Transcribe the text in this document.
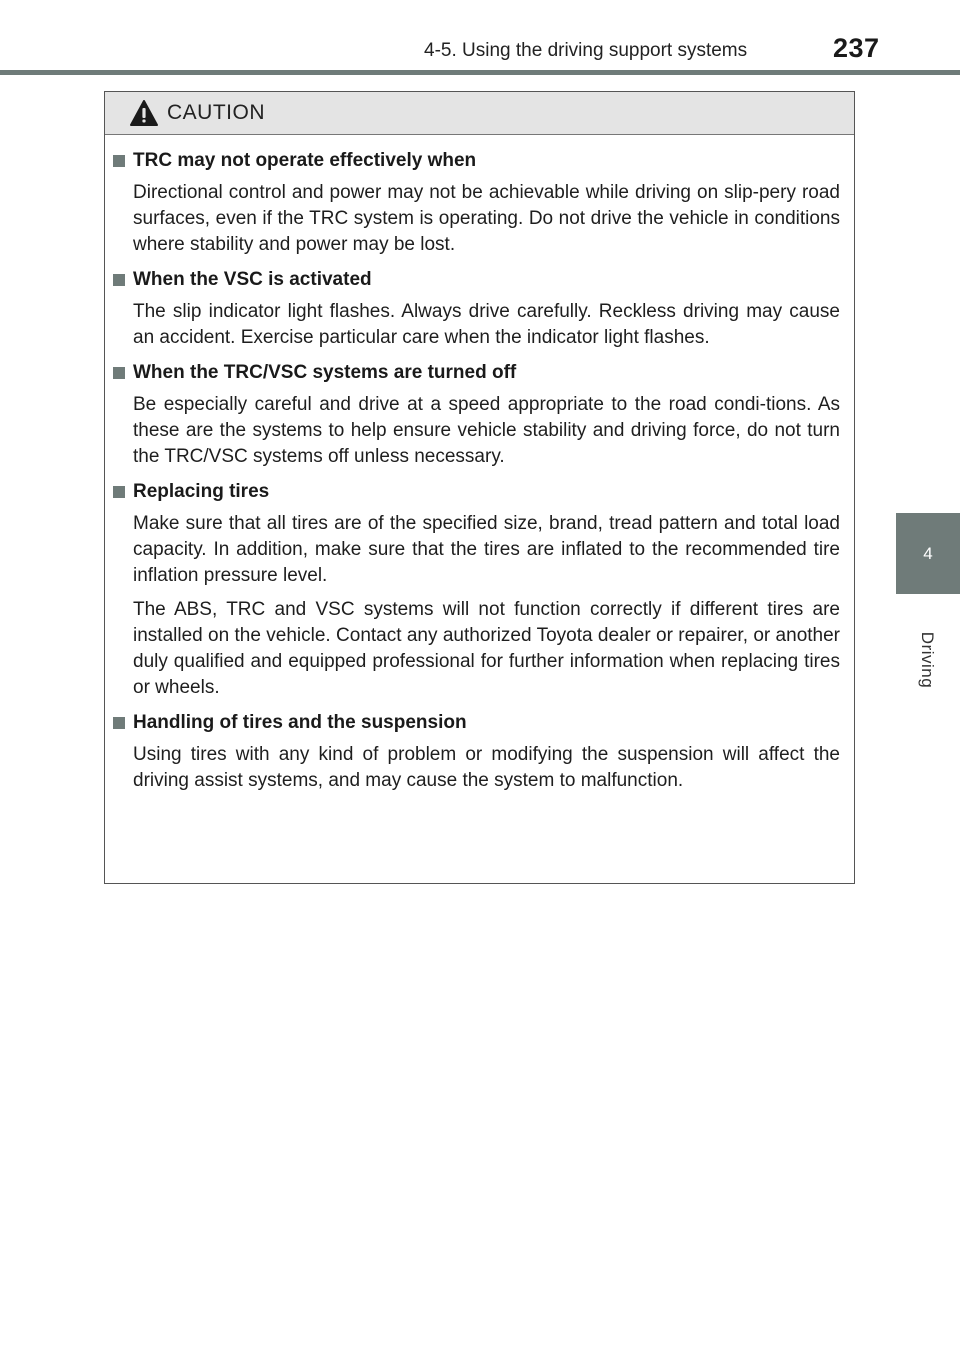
4-5. Using the driving support systems	237
4
Driving
CAUTION
TRC may not operate effectively when

Directional control and power may not be achievable while driving on slip-pery road surfaces, even if the TRC system is operating. Do not drive the vehicle in conditions where stability and power may be lost.

When the VSC is activated

The slip indicator light flashes. Always drive carefully. Reckless driving may cause an accident. Exercise particular care when the indicator light flashes.

When the TRC/VSC systems are turned off

Be especially careful and drive at a speed appropriate to the road condi-tions. As these are the systems to help ensure vehicle stability and driving force, do not turn the TRC/VSC systems off unless necessary.

Replacing tires

Make sure that all tires are of the specified size, brand, tread pattern and total load capacity. In addition, make sure that the tires are inflated to the recommended tire inflation pressure level.

The ABS, TRC and VSC systems will not function correctly if different tires are installed on the vehicle. Contact any authorized Toyota dealer or repairer, or another duly qualified and equipped professional for further information when replacing tires or wheels.

Handling of tires and the suspension

Using tires with any kind of problem or modifying the suspension will affect the driving assist systems, and may cause the system to malfunction.
